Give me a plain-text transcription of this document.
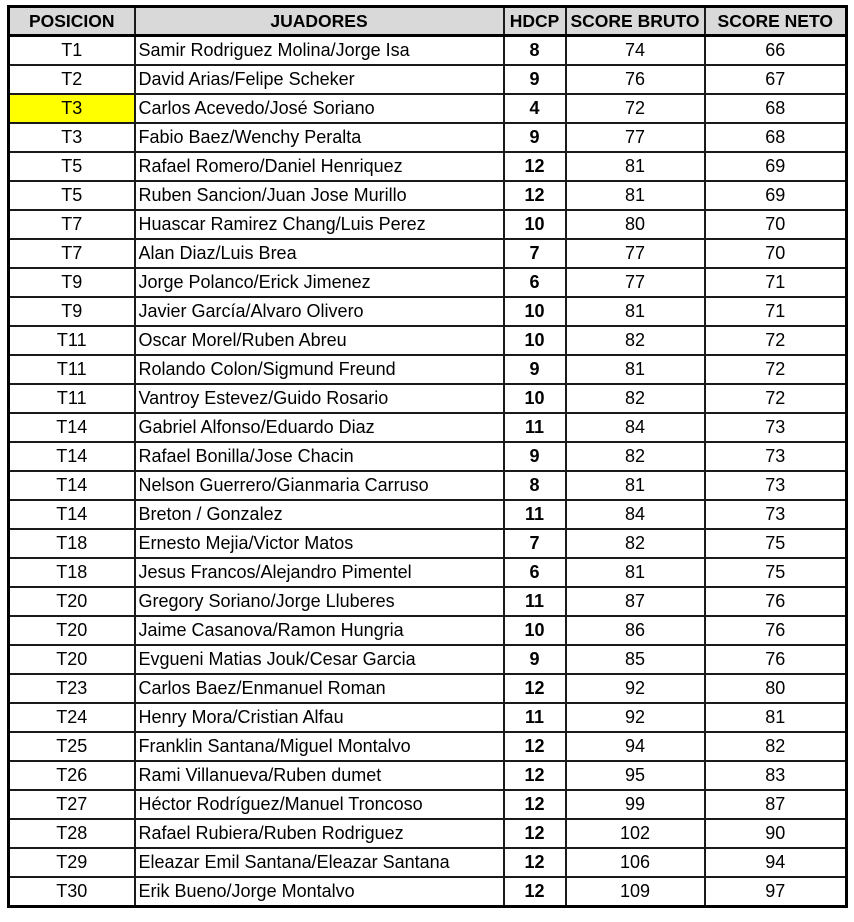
POSICION	JUADORES	HDCP	SCORE BRUTO	SCORE NETO
T1	Samir Rodriguez Molina/Jorge Isa	8	74	66
T2	David Arias/Felipe Scheker	9	76	67
T3	Carlos Acevedo/José Soriano	4	72	68
T3	Fabio Baez/Wenchy Peralta	9	77	68
T5	Rafael Romero/Daniel Henriquez	12	81	69
T5	Ruben Sancion/Juan Jose Murillo	12	81	69
T7	Huascar Ramirez Chang/Luis Perez	10	80	70
T7	Alan Diaz/Luis Brea	7	77	70
T9	Jorge Polanco/Erick Jimenez	6	77	71
T9	Javier García/Alvaro Olivero	10	81	71
T11	Oscar Morel/Ruben Abreu	10	82	72
T11	Rolando Colon/Sigmund Freund	9	81	72
T11	Vantroy Estevez/Guido Rosario	10	82	72
T14	Gabriel Alfonso/Eduardo Diaz	11	84	73
T14	Rafael Bonilla/Jose Chacin	9	82	73
T14	Nelson Guerrero/Gianmaria Carruso	8	81	73
T14	Breton / Gonzalez	11	84	73
T18	Ernesto Mejia/Victor Matos	7	82	75
T18	Jesus Francos/Alejandro Pimentel	6	81	75
T20	Gregory Soriano/Jorge Lluberes	11	87	76
T20	Jaime Casanova/Ramon Hungria	10	86	76
T20	Evgueni Matias Jouk/Cesar Garcia	9	85	76
T23	Carlos Baez/Enmanuel Roman	12	92	80
T24	Henry Mora/Cristian Alfau	11	92	81
T25	Franklin Santana/Miguel Montalvo	12	94	82
T26	Rami Villanueva/Ruben dumet	12	95	83
T27	Héctor Rodríguez/Manuel Troncoso	12	99	87
T28	Rafael Rubiera/Ruben Rodriguez	12	102	90
T29	Eleazar Emil Santana/Eleazar Santana	12	106	94
T30	Erik Bueno/Jorge Montalvo	12	109	97
